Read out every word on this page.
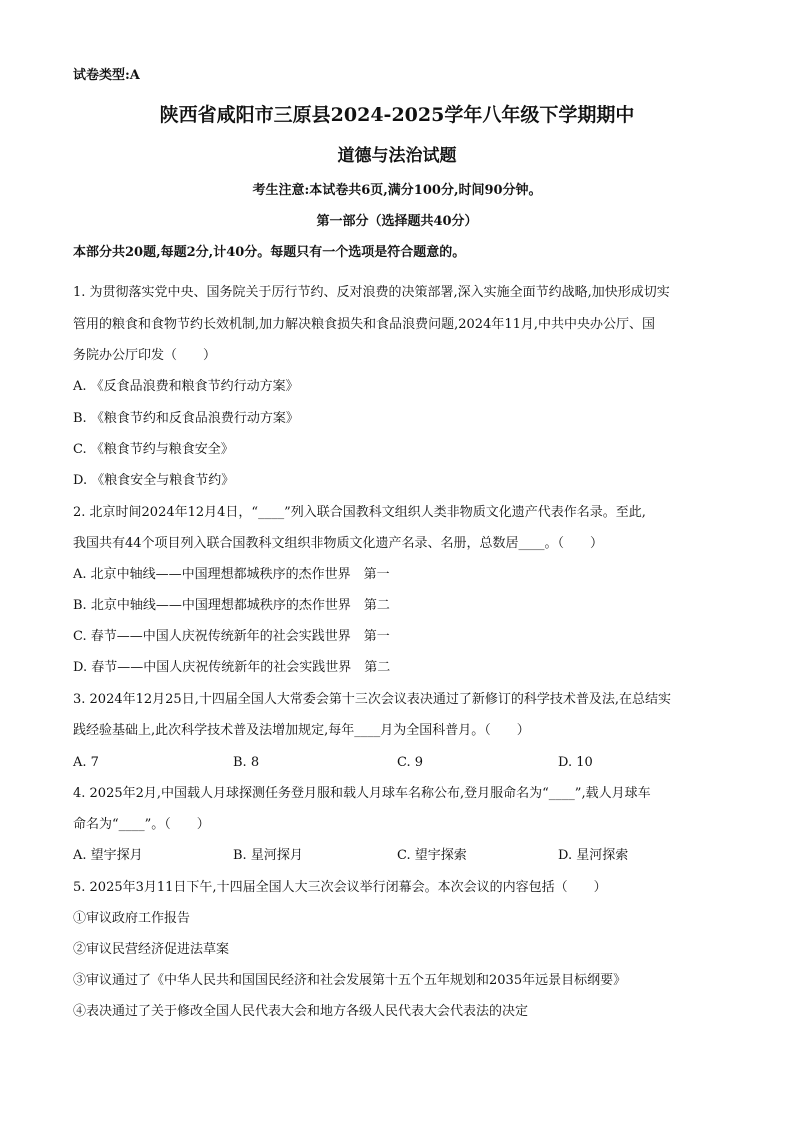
试卷类型:A
陕西省咸阳市三原县2024-2025学年八年级下学期期中
道德与法治试题
考生注意:本试卷共6页,满分100分,时间90分钟。
第一部分（选择题共40分）
本部分共20题,每题2分,计40分。每题只有一个选项是符合题意的。
1. 为贯彻落实党中央、国务院关于厉行节约、反对浪费的决策部署,深入实施全面节约战略,加快形成切实
管用的粮食和食物节约长效机制,加力解决粮食损失和食品浪费问题,2024年11月,中共中央办公厅、国
务院办公厅印发（　　）
A. 《反食品浪费和粮食节约行动方案》
B. 《粮食节约和反食品浪费行动方案》
C. 《粮食节约与粮食安全》
D. 《粮食安全与粮食节约》
2. 北京时间2024年12月4日，“____”列入联合国教科文组织人类非物质文化遗产代表作名录。至此,
我国共有44个项目列入联合国教科文组织非物质文化遗产名录、名册，总数居____。（　　）
A. 北京中轴线——中国理想都城秩序的杰作世界　第一
B. 北京中轴线——中国理想都城秩序的杰作世界　第二
C. 春节——中国人庆祝传统新年的社会实践世界　第一
D. 春节——中国人庆祝传统新年的社会实践世界　第二
3. 2024年12月25日,十四届全国人大常委会第十三次会议表决通过了新修订的科学技术普及法,在总结实
践经验基础上,此次科学技术普及法增加规定,每年____月为全国科普月。（　　）
A. 7	B. 8	C. 9	D. 10
4. 2025年2月,中国载人月球探测任务登月服和载人月球车名称公布,登月服命名为“____”,载人月球车
命名为“____”。（　　）
A. 望宇探月	B. 星河探月	C. 望宇探索	D. 星河探索
5. 2025年3月11日下午,十四届全国人大三次会议举行闭幕会。本次会议的内容包括（　　）
①审议政府工作报告
②审议民营经济促进法草案
③审议通过了《中华人民共和国国民经济和社会发展第十五个五年规划和2035年远景目标纲要》
④表决通过了关于修改全国人民代表大会和地方各级人民代表大会代表法的决定
